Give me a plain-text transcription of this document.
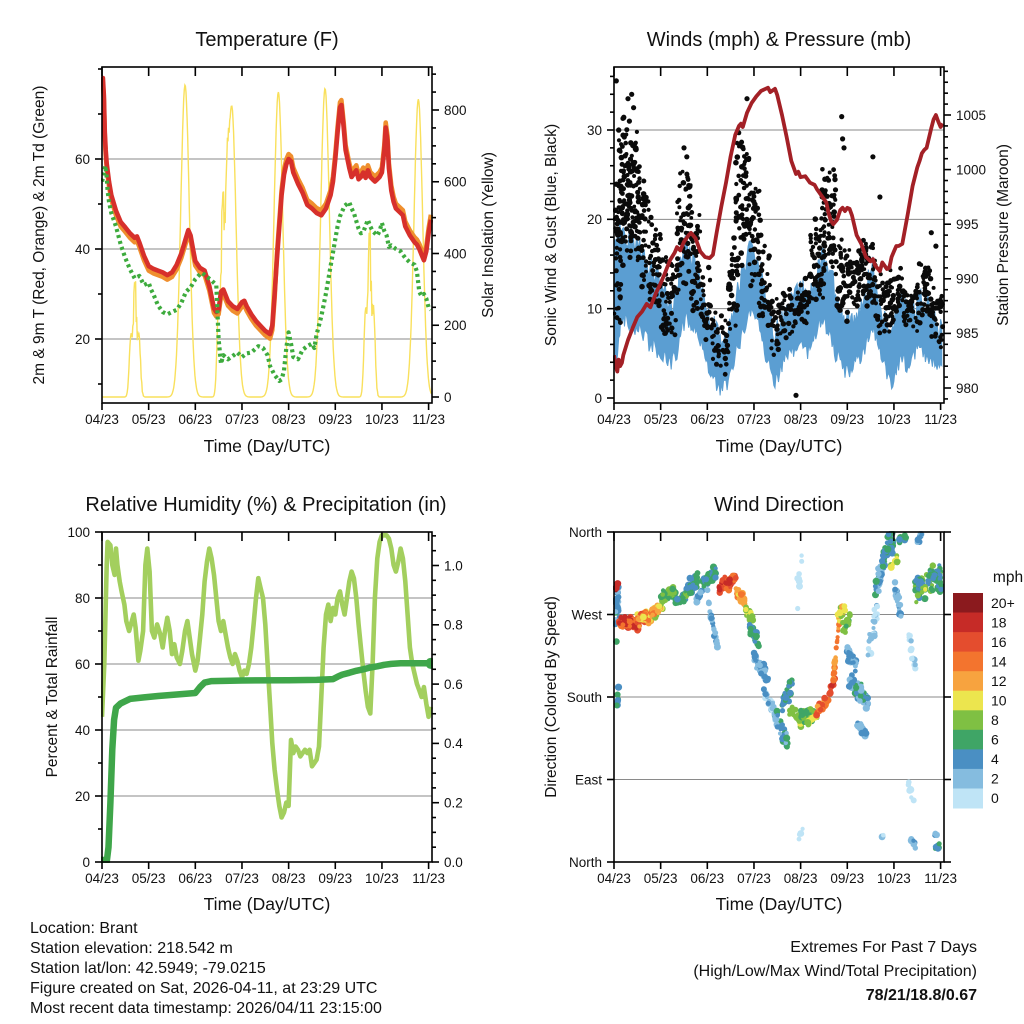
04/23 05/23 06/23 07/23 08/23 09/23 10/23 11/23
20
40
60
0
200
400
600
800
04/23 05/23 06/23 07/23 08/23 09/23 10/23 11/23
0
10
20
30
980
985
990
995
1000
1005
04/23 05/23 06/23 07/23 08/23 09/23 10/23 11/23
0
20
40
60
80
100
0.0
0.2
0.4
0.6
0.8
1.0
20+
18
16
14
12
10
8
6
4
2
0
04/23 05/23 06/23 07/23 08/23 09/23 10/23 11/23
North
West
South
East
North
Temperature (F)	Winds (mph) & Pressure (mb)
Relative Humidity (%) & Precipitation (in)	Wind Direction
Time (Day/UTC)	Time (Day/UTC)
Time (Day/UTC)	Time (Day/UTC)
2m & 9m T (Red, Orange) & 2m Td (Green)	Solar Insolation (Yellow)	Sonic Wind & Gust (Blue, Black)	Station Pressure (Maroon)
Percent & Total Rainfall	Direction (Colored By Speed)
mph
Location: Brant
Station elevation: 218.542 m
Station lat/lon: 42.5949; -79.0215
Figure created on Sat, 2026-04-11, at 23:29 UTC
Most recent data timestamp: 2026/04/11 23:15:00
Extremes For Past 7 Days
(High/Low/Max Wind/Total Precipitation)
78/21/18.8/0.67
